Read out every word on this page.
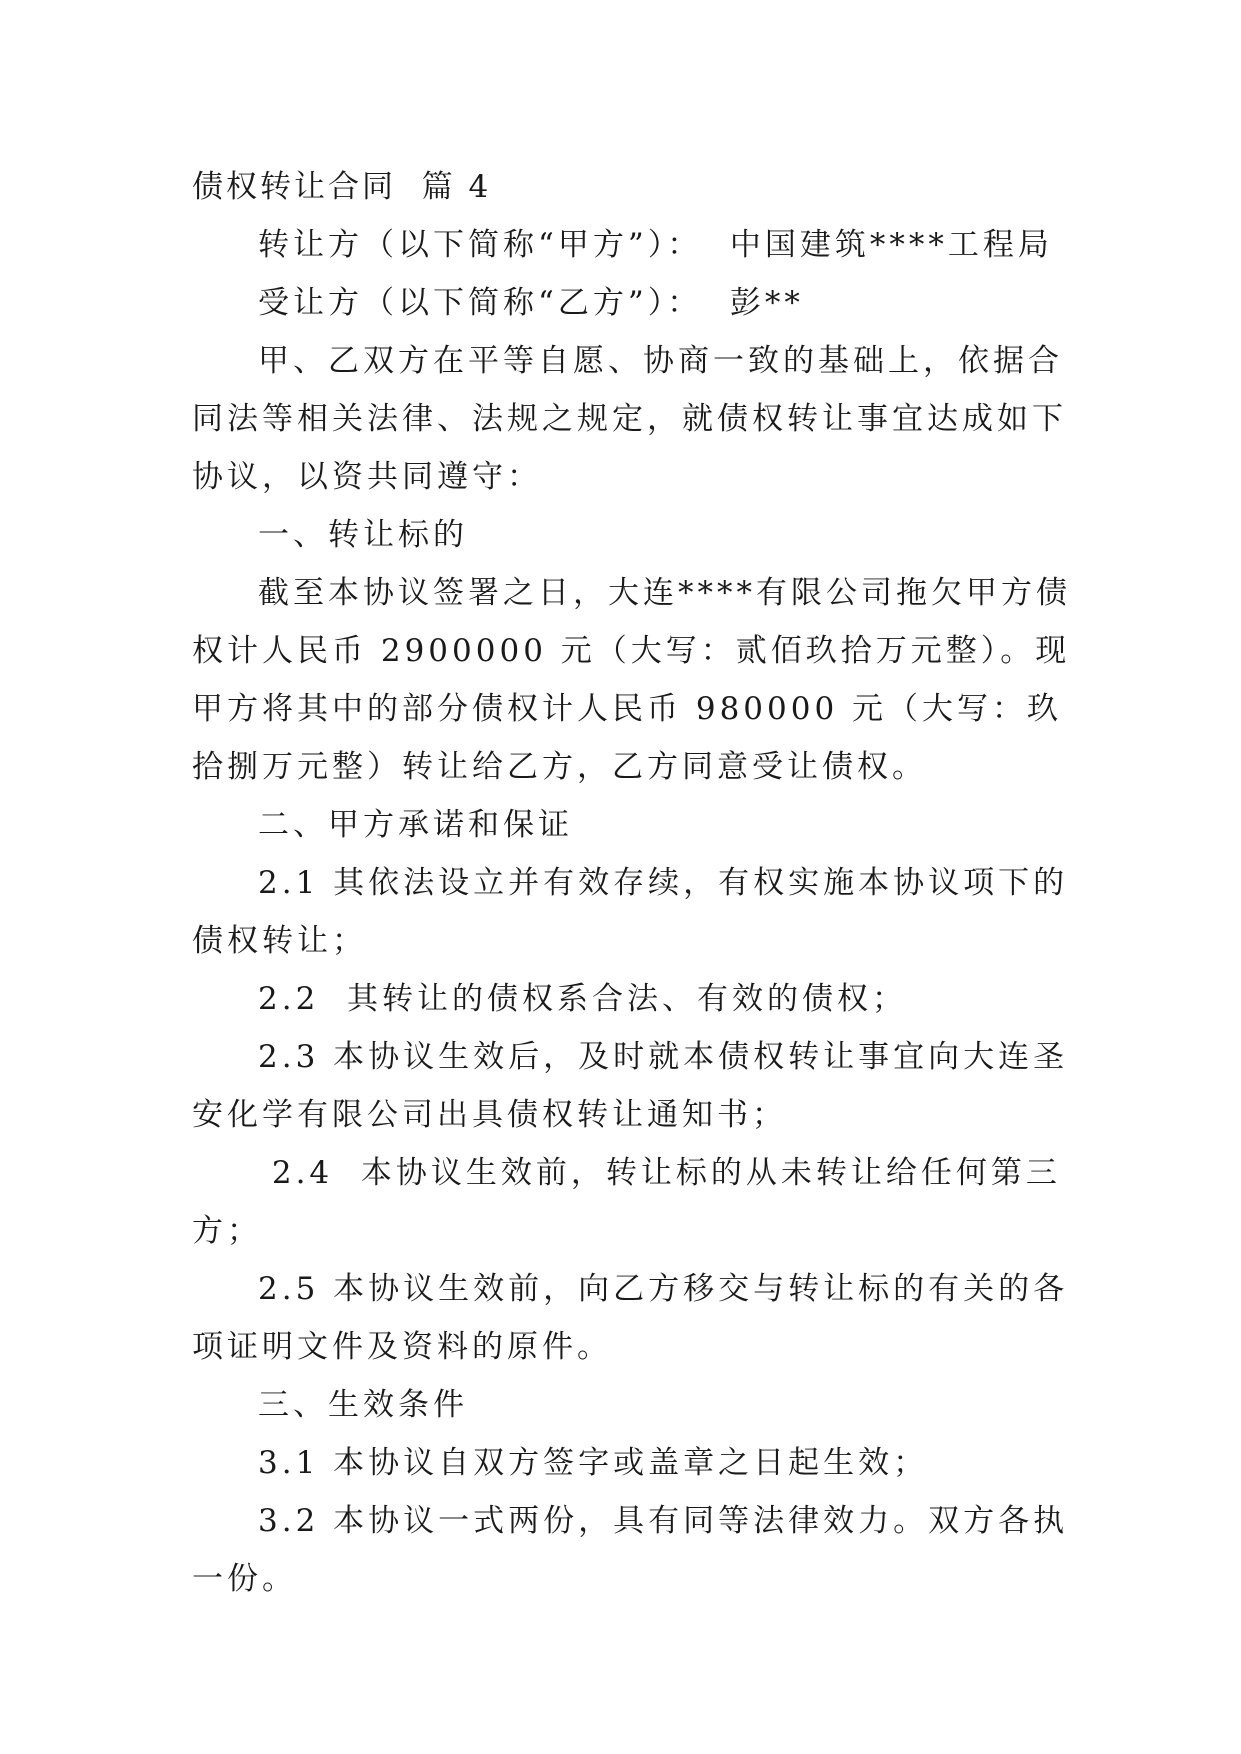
债权转让合同  篇 4

转让方（以下简称“甲方”）：  中国建筑****工程局

受让方（以下简称“乙方”）：  彭**

甲、乙双方在平等自愿、协商一致的基础上，依据合同法等相关法律、法规之规定，就债权转让事宜达成如下协议，以资共同遵守：

一、转让标的

截至本协议签署之日，大连****有限公司拖欠甲方债权计人民币 2900000 元（大写：贰佰玖拾万元整）。现甲方将其中的部分债权计人民币 980000 元（大写：玖拾捌万元整）转让给乙方，乙方同意受让债权。

二、甲方承诺和保证

2.1 其依法设立并有效存续，有权实施本协议项下的债权转让；

2.2  其转让的债权系合法、有效的债权；

2.3 本协议生效后，及时就本债权转让事宜向大连圣安化学有限公司出具债权转让通知书；

2.4  本协议生效前，转让标的从未转让给任何第三方；

2.5 本协议生效前，向乙方移交与转让标的有关的各项证明文件及资料的原件。

三、生效条件

3.1 本协议自双方签字或盖章之日起生效；

3.2 本协议一式两份，具有同等法律效力。双方各执一份。
